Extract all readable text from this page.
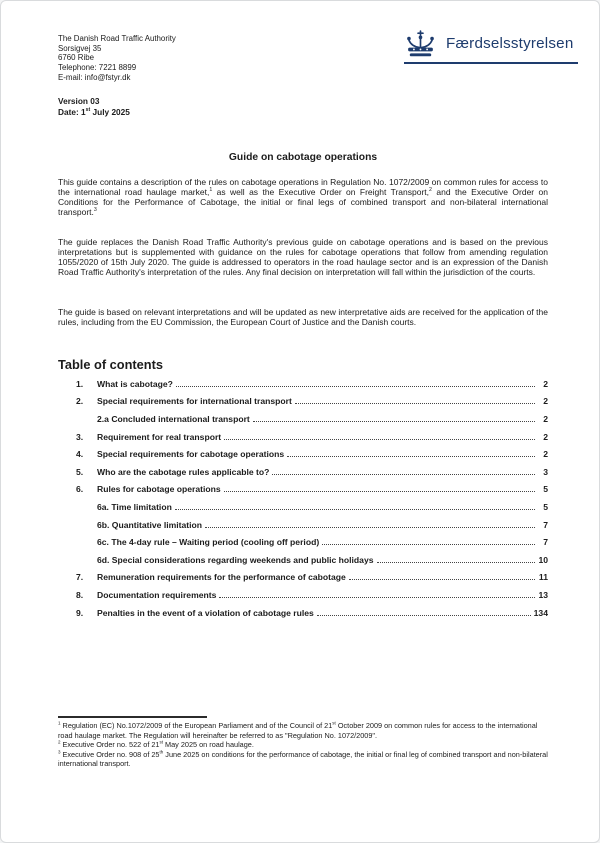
The Danish Road Traffic Authority

Sorsigvej 35

6760 Ribe

Telephone: 7221 8899

E-mail: info@fstyr.dk

Færdselsstyrelsen

Version 03

Date: 1st July 2025

Guide on cabotage operations

This guide contains a description of the rules on cabotage operations in Regulation No. 1072/2009 on common rules for access to the international road haulage market,$^1$ as well as the Executive Order on Freight Transport,$^2$ and the Executive Order on Conditions for the Performance of Cabotage, the initial or final legs of combined transport and non-bilateral international transport.$^3$

The guide replaces the Danish Road Traffic Authority's previous guide on cabotage operations and is based on the previous interpretations but is supplemented with guidance on the rules for cabotage operations that follow from amending regulation 1055/2020 of 15th July 2020. The guide is addressed to operators in the road haulage sector and is an expression of the Danish Road Traffic Authority's interpretation of the rules. Any final decision on interpretation will fall within the jurisdiction of the courts.

The guide is based on relevant interpretations and will be updated as new interpretative aids are received for the application of the rules, including from the EU Commission, the European Court of Justice and the Danish courts.

Table of contents
1.	What is cabotage?	2
2.	Special requirements for international transport	2
2.a Concluded international transport	2
3.	Requirement for real transport	2
4.	Special requirements for cabotage operations	2
5.	Who are the cabotage rules applicable to?	3
6.	Rules for cabotage operations	5
6a. Time limitation	5
6b. Quantitative limitation	7
6c. The 4-day rule – Waiting period (cooling off period)	7
6d. Special considerations regarding weekends and public holidays	10
7.	Remuneration requirements for the performance of cabotage	11
8.	Documentation requirements	13
9.	Penalties in the event of a violation of cabotage rules	134

$^1$ Regulation (EC) No.1072/2009 of the European Parliament and of the Council of 21st October 2009 on common rules for access to the international road haulage market. The Regulation will hereinafter be referred to as "Regulation No. 1072/2009".

$^2$ Executive Order no. 522 of 21st May 2025 on road haulage.

$^3$ Executive Order no. 908 of 25th June 2025 on conditions for the performance of cabotage, the initial or final leg of combined transport and non-bilateral international transport.
